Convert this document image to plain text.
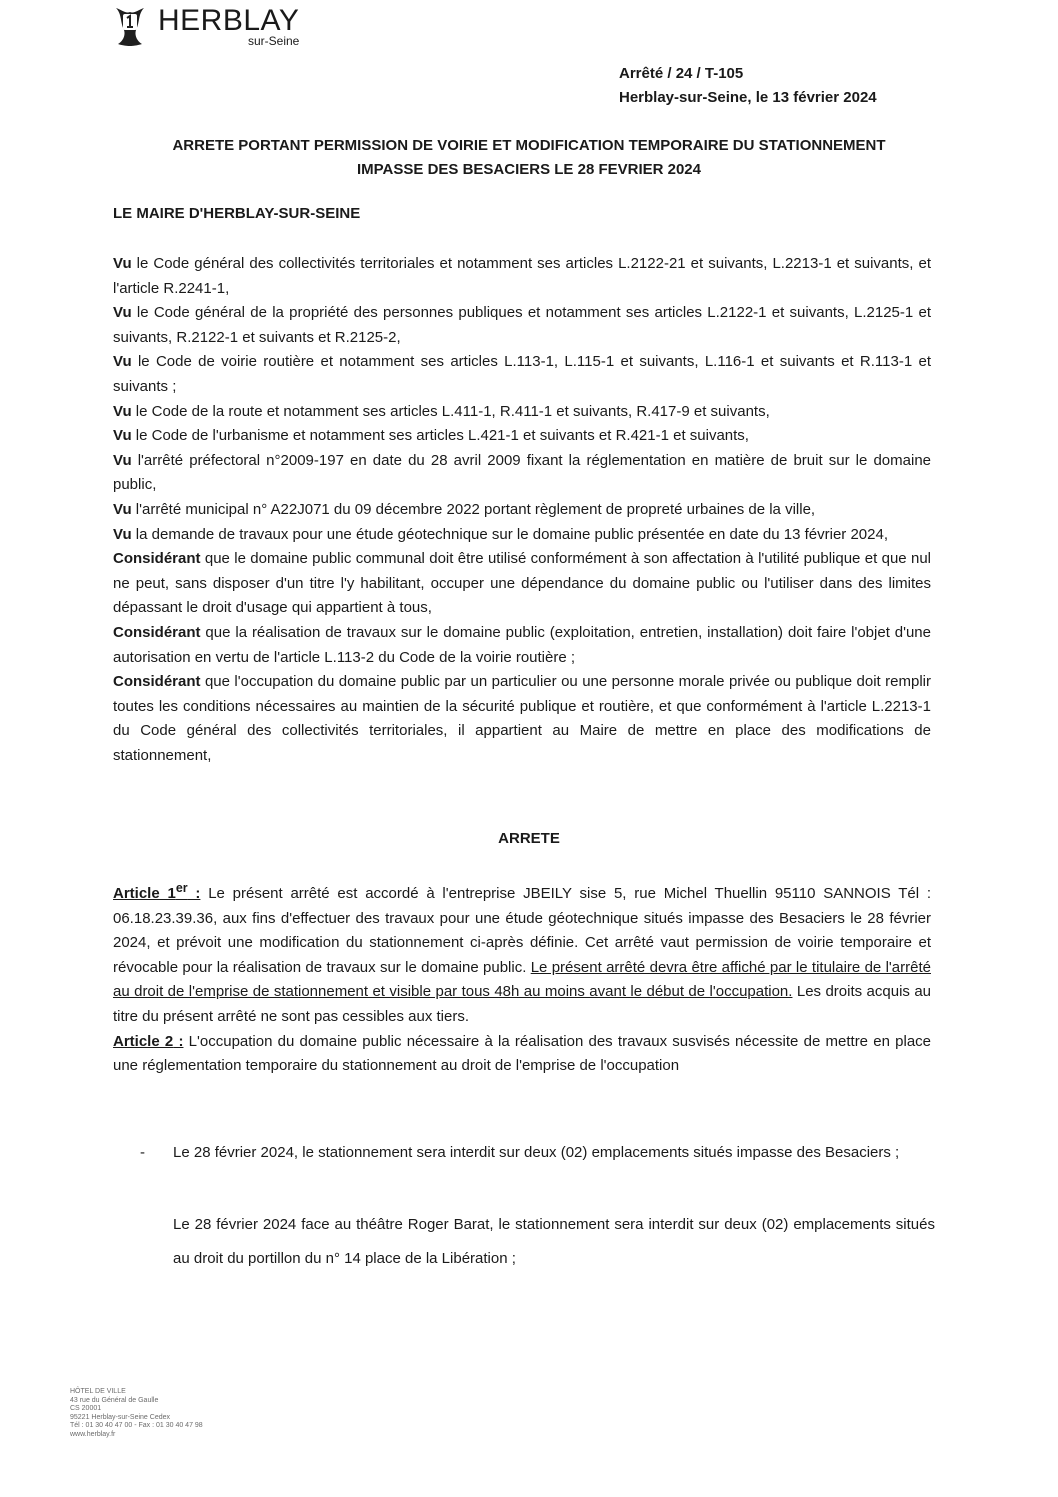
HERBLAY
sur-Seine
Arrêté / 24 / T-105
Herblay-sur-Seine, le 13 février 2024
ARRETE PORTANT PERMISSION DE VOIRIE ET MODIFICATION TEMPORAIRE DU STATIONNEMENT
IMPASSE DES BESACIERS LE 28 FEVRIER 2024
LE MAIRE D'HERBLAY-SUR-SEINE

Vu le Code général des collectivités territoriales et notamment ses articles L.2122-21 et suivants, L.2213-1 et suivants, et l'article R.2241-1,

Vu le Code général de la propriété des personnes publiques et notamment ses articles L.2122-1 et suivants, L.2125-1 et suivants, R.2122-1 et suivants et R.2125-2,

Vu le Code de voirie routière et notamment ses articles L.113-1, L.115-1 et suivants, L.116-1 et suivants et R.113-1 et suivants ;

Vu le Code de la route et notamment ses articles L.411-1, R.411-1 et suivants, R.417-9 et suivants,

Vu le Code de l'urbanisme et notamment ses articles L.421-1 et suivants et R.421-1 et suivants,

Vu l'arrêté préfectoral n°2009-197 en date du 28 avril 2009 fixant la réglementation en matière de bruit sur le domaine public,

Vu l'arrêté municipal n° A22J071 du 09 décembre 2022 portant règlement de propreté urbaines de la ville,

Vu la demande de travaux pour une étude géotechnique sur le domaine public présentée en date du 13 février 2024,

Considérant que le domaine public communal doit être utilisé conformément à son affectation à l'utilité publique et que nul ne peut, sans disposer d'un titre l'y habilitant, occuper une dépendance du domaine public ou l'utiliser dans des limites dépassant le droit d'usage qui appartient à tous,

Considérant que la réalisation de travaux sur le domaine public (exploitation, entretien, installation) doit faire l'objet d'une autorisation en vertu de l'article L.113-2 du Code de la voirie routière ;

Considérant que l'occupation du domaine public par un particulier ou une personne morale privée ou publique doit remplir toutes les conditions nécessaires au maintien de la sécurité publique et routière, et que conformément à l'article L.2213-1 du Code général des collectivités territoriales, il appartient au Maire de mettre en place des modifications de stationnement,

ARRETE

Article 1er : Le présent arrêté est accordé à l'entreprise JBEILY sise 5, rue Michel Thuellin 95110 SANNOIS Tél : 06.18.23.39.36, aux fins d'effectuer des travaux pour une étude géotechnique situés impasse des Besaciers le 28 février 2024, et prévoit une modification du stationnement ci-après définie. Cet arrêté vaut permission de voirie temporaire et révocable pour la réalisation de travaux sur le domaine public. Le présent arrêté devra être affiché par le titulaire de l'arrêté au droit de l'emprise de stationnement et visible par tous 48h au moins avant le début de l'occupation. Les droits acquis au titre du présent arrêté ne sont pas cessibles aux tiers.

Article 2 : L'occupation du domaine public nécessaire à la réalisation des travaux susvisés nécessite de mettre en place une réglementation temporaire du stationnement au droit de l'emprise de l'occupation

-	Le 28 février 2024, le stationnement sera interdit sur deux (02) emplacements situés impasse des Besaciers ;
Le 28 février 2024 face au théâtre Roger Barat, le stationnement sera interdit sur deux (02) emplacements situés au droit du portillon du n° 14 place de la Libération ;
HÔTEL DE VILLE
43 rue du Général de Gaulle
CS 20001
95221 Herblay-sur-Seine Cedex
Tél : 01 30 40 47 00 - Fax : 01 30 40 47 98
www.herblay.fr
